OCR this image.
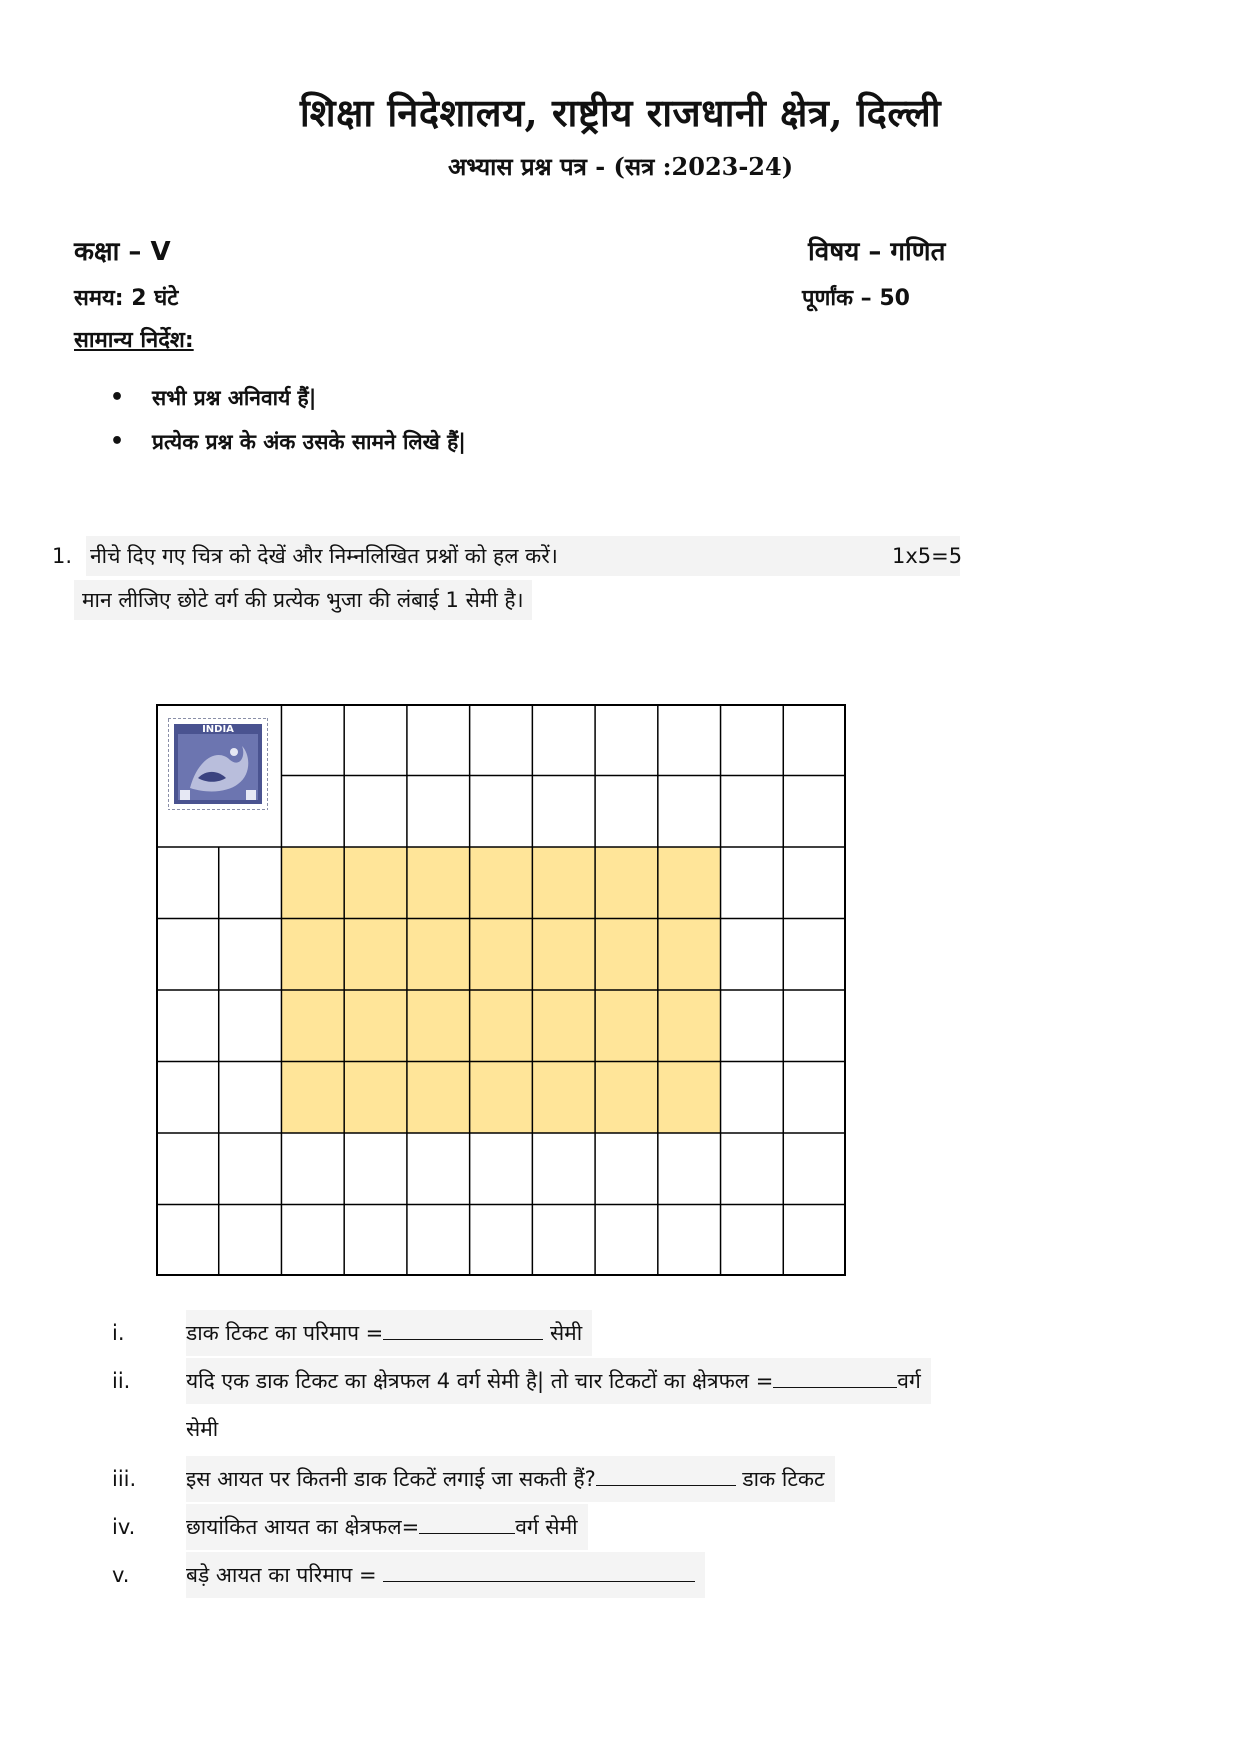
शिक्षा निदेशालय, राष्ट्रीय राजधानी क्षेत्र, दिल्ली
अभ्यास प्रश्न पत्र - (सत्र :2023-24)
कक्षा – V	विषय – गणित
समय: 2 घंटे	पूर्णांक – 50
सामान्य निर्देश:
• सभी प्रश्न अनिवार्य हैं|
• प्रत्येक प्रश्न के अंक उसके सामने लिखे हैं|
1. नीचे दिए गए चित्र को देखें और निम्नलिखित प्रश्नों को हल करें।	1x5=5
मान लीजिए छोटे वर्ग की प्रत्येक भुजा की लंबाई 1 सेमी है।
INDIA
i.	डाक टिकट का परिमाप =	सेमी
ii.	यदि एक डाक टिकट का क्षेत्रफल 4 वर्ग सेमी है| तो चार टिकटों का क्षेत्रफल =	वर्ग
सेमी
iii. इस आयत पर कितनी डाक टिकटें लगाई जा सकती हैं?	डाक टिकट
iv. छायांकित आयत का क्षेत्रफल=	वर्ग सेमी
v.	बड़े आयत का परिमाप =
